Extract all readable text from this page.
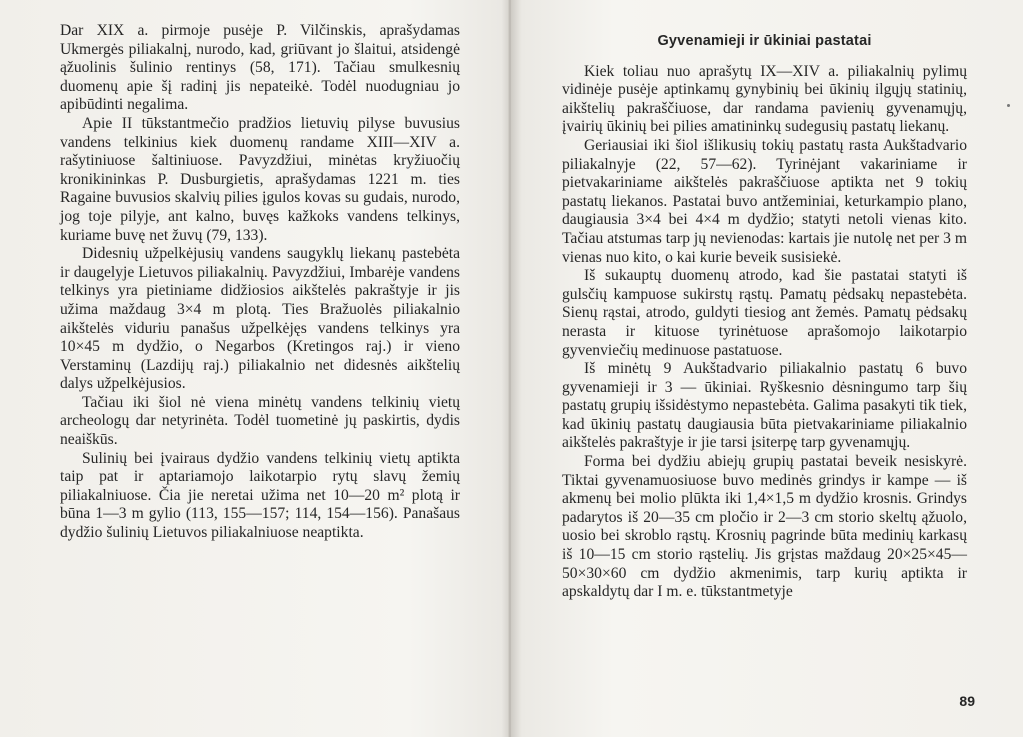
Dar XIX a. pirmoje pusėje P. Vilčinskis, aprašydamas Ukmergės piliakalnį, nurodo, kad, griūvant jo šlaitui, atsidengė ąžuolinis šulinio rentinys (58, 171). Tačiau smulkesnių duomenų apie šį radinį jis nepateikė. Todėl nuodugniau jo apibūdinti negalima.

Apie II tūkstantmečio pradžios lietuvių pilyse buvusius vandens telkinius kiek duomenų randame XIII—XIV a. rašytiniuose šaltiniuose. Pavyzdžiui, minėtas kryžiuočių kronikininkas P. Dusburgietis, aprašydamas 1221 m. ties Ragaine buvusios skalvių pilies įgulos kovas su gudais, nurodo, jog toje pilyje, ant kalno, buvęs kažkoks vandens telkinys, kuriame buvę net žuvų (79, 133).

Didesnių užpelkėjusių vandens saugyklų liekanų pastebėta ir daugelyje Lietuvos piliakalnių. Pavyzdžiui, Imbarėje vandens telkinys yra pietiniame didžiosios aikštelės pakraštyje ir jis užima maždaug 3×4 m plotą. Ties Bražuolės piliakalnio aikštelės viduriu panašus užpelkėjęs vandens telkinys yra 10×45 m dydžio, o Negarbos (Kretingos raj.) ir vieno Verstaminų (Lazdijų raj.) piliakalnio net didesnės aikštelių dalys užpelkėjusios.

Tačiau iki šiol nė viena minėtų vandens telkinių vietų archeologų dar netyrinėta. Todėl tuometinė jų paskirtis, dydis neaiškūs.

Sulinių bei įvairaus dydžio vandens telkinių vietų aptikta taip pat ir aptariamojo laikotarpio rytų slavų žemių piliakalniuose. Čia jie neretai užima net 10—20 m² plotą ir būna 1—3 m gylio (113, 155—157; 114, 154—156). Panašaus dydžio šulinių Lietuvos piliakalniuose neaptikta.

Gyvenamieji ir ūkiniai pastatai

Kiek toliau nuo aprašytų IX—XIV a. piliakalnių pylimų vidinėje pusėje aptinkamų gynybinių bei ūkinių ilgųjų statinių, aikštelių pakraščiuose, dar randama pavienių gyvenamųjų, įvairių ūkinių bei pilies amatininkų sudegusių pastatų liekanų.

Geriausiai iki šiol išlikusių tokių pastatų rasta Aukštadvario piliakalnyje (22, 57—62). Tyrinėjant vakariniame ir pietvakariniame aikštelės pakraščiuose aptikta net 9 tokių pastatų liekanos. Pastatai buvo antžeminiai, keturkampio plano, daugiausia 3×4 bei 4×4 m dydžio; statyti netoli vienas kito. Tačiau atstumas tarp jų nevienodas: kartais jie nutolę net per 3 m vienas nuo kito, o kai kurie beveik susisiekė.

Iš sukauptų duomenų atrodo, kad šie pastatai statyti iš gulsčių kampuose sukirstų rąstų. Pamatų pėdsakų nepastebėta. Sienų rąstai, atrodo, guldyti tiesiog ant žemės. Pamatų pėdsakų nerasta ir kituose tyrinėtuose aprašomojo laikotarpio gyvenviečių medinuose pastatuose.

Iš minėtų 9 Aukštadvario piliakalnio pastatų 6 buvo gyvenamieji ir 3 — ūkiniai. Ryškesnio dėsningumo tarp šių pastatų grupių išsidėstymo nepastebėta. Galima pasakyti tik tiek, kad ūkinių pastatų daugiausia būta pietvakariniame piliakalnio aikštelės pakraštyje ir jie tarsi įsiterpę tarp gyvenamųjų.

Forma bei dydžiu abiejų grupių pastatai beveik nesiskyrė. Tiktai gyvenamuosiuose buvo medinės grindys ir kampe — iš akmenų bei molio plūkta iki 1,4×1,5 m dydžio krosnis. Grindys padarytos iš 20—35 cm pločio ir 2—3 cm storio skeltų ąžuolo, uosio bei skroblo rąstų. Krosnių pagrinde būta medinių karkasų iš 10—15 cm storio rąstelių. Jis grįstas maždaug 20×25×45—50×30×60 cm dydžio akmenimis, tarp kurių aptikta ir apskaldytų dar I m. e. tūkstantmetyje

89
